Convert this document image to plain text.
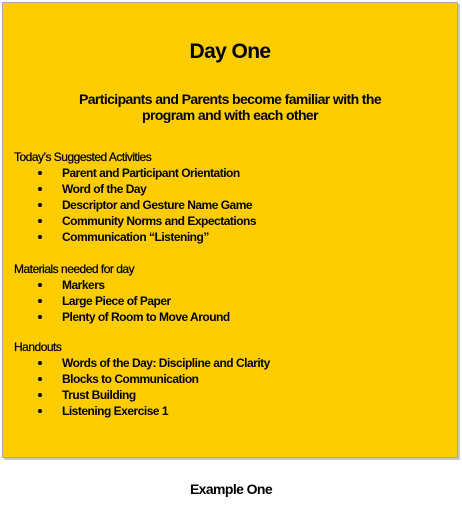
Day One
Participants and Parents become familiar with the
program and with each other
Today’s Suggested Activities
Parent and Participant Orientation
Word of the Day
Descriptor and Gesture Name Game
Community Norms and Expectations
Communication “Listening”
Materials needed for day
Markers
Large Piece of Paper
Plenty of Room to Move Around
Handouts
Words of the Day: Discipline and Clarity
Blocks to Communication
Trust Building
Listening Exercise 1
Example One
